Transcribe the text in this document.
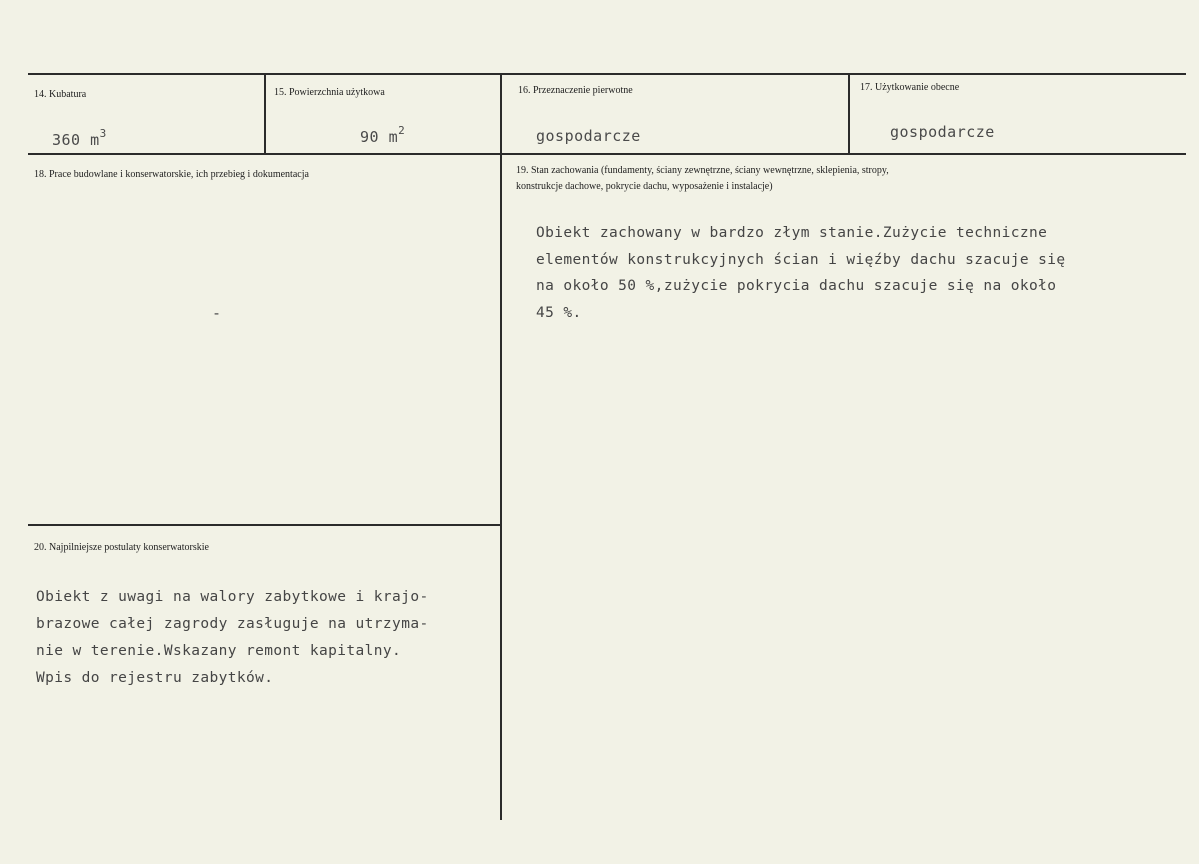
14. Kubatura
360 $m^3$
15. Powierzchnia użytkowa
90 $m^2$
16. Przeznaczenie pierwotne
gospodarcze
17. Użytkowanie obecne
gospodarcze
18. Prace budowlane i konserwatorskie, ich przebieg i dokumentacja
-
19. Stan zachowania (fundamenty, ściany zewnętrzne, ściany wewnętrzne, sklepienia, stropy,
konstrukcje dachowe, pokrycie dachu, wyposażenie i instalacje)
Obiekt zachowany w bardzo złym stanie.Zużycie techniczne
elementów konstrukcyjnych ścian i więźby dachu szacuje się
na około 50 %,zużycie pokrycia dachu szacuje się na około
45 %.
20. Najpilniejsze postulaty konserwatorskie
Obiekt z uwagi na walory zabytkowe i krajo-
brazowe całej zagrody zasługuje na utrzyma-
nie w terenie.Wskazany remont kapitalny.
Wpis do rejestru zabytków.
